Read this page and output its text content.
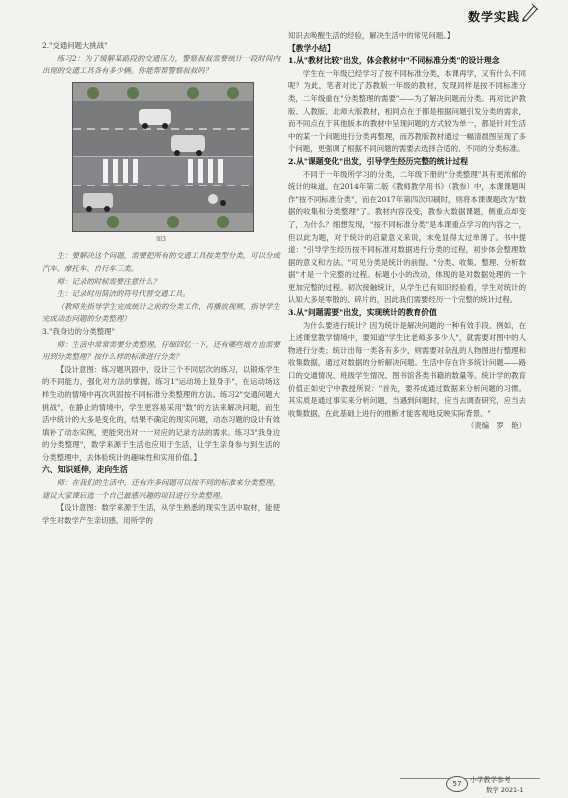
数学实践

2."交通问题大挑战"

练习2：为了缓解某路段的交通压力，警察叔叔需要统计一段时间内出现的交通工具各有多少辆。你能帮帮警察叔叔吗？

图3

生：要解决这个问题，需要把所有的交通工具按类型分类，可以分成汽车、摩托车、自行车三类。

师：记录的时候需要注意什么？

生：记录时用简洁的符号代替交通工具。

（教师先指导学生完成统计之前的分类工作，再播放视频，指导学生完成动态问题的分类整理）

3."我身边的分类整理"

师：生活中常常需要分类整理。仔细回忆一下，还有哪些地方也需要用到分类整理？按什么样的标准进行分类？

【设计意图：练习题巩固中，设计三个不同层次的练习，以锻炼学生的不同能力，强化对方法的掌握。练习1"运动场上显身手"，在运动场这样生动的情境中再次巩固按不同标准分类整理的方法。练习2"交通问题大挑战"，在静止的情境中，学生更容易采用"数"的方法来解决问题，而生活中统计的大多是变化的，结果不确定的现实问题，动态习题的设计有效填补了动态实例，更能突出对一一对应的记录方法的需求。练习3"我身边的分类整理"，数学来源于生活也应用于生活，让学生亲身参与到生活的分类整理中，去体验统计的趣味性和实用价值。】

六、知识延伸，走向生活

师：在我们的生活中，还有许多问题可以按不同的标准来分类整理。建议大家课后选一个自己最感兴趣的项目进行分类整理。

【设计意图：数学来源于生活，从学生熟悉的现实生活中取材，能使学生对数学产生亲切感，用所学的

知识去唤醒生活的经验，解决生活中的常见问题。】

【教学小结】

1.从"教材比较"出发，体会教材中"不同标准分类"的设计理念

学生在一年级已经学习了按不同标准分类，本课再学，又有什么不同呢？为此，笔者对比了苏教版一年级的教材，发现同样是按不同标准分类，二年级重在"分类整理的需要"——为了解决问题而分类。再对比沪教版、人教版、北师大版教材，相同点在于都是根据问题引发分类的需求，而不同点在于其他版本的教材中呈现问题的方式较为单一，都是针对生活中的某一个问题进行分类再整理，而苏教版教材通过一幅清晨图呈现了多个问题，更强调了根据不同问题的需要去选择合适的、不同的分类标准。

2.从"课题变化"出发，引导学生经历完整的统计过程

不同于一年级所学习的分类，二年级下册的"分类整理"具有更浓郁的统计的味道。在2014年第二版《教师教学用书》（教参）中，本课课题叫作"按不同标准分类"，而在2017年第四次印刷时，则将本课课题改为"数据的收集和分类整理"了。教材内容没变，教参大数据课题，侧重点却变了，为什么？细想发现，"按不同标准分类"是本课重点学习的内容之一，但以此为题，对于统计的启蒙意义来说，未免显得太过单薄了。书中提道："引导学生经历按不同标准对数据进行分类的过程，初步体会整理数据的意义和方法。"可见分类是统计的前提。"分类、收集、整理、分析数据"才是一个完整的过程。标题小小的改动，体现的是对数据处理的一个更加完整的过程。初次接触统计，从学生已有知识经验看，学生对统计的认知大多是零散的、碎片的，因此我们需要经历一个完整的统计过程。

3.从"问题需要"出发，实现统计的教育价值

为什么要进行统计？因为统计是解决问题的一种有效手段。例如，在上述课堂教学情境中，要知道"学生比老师多多少人"，就需要对图中的人物进行分类；统计出每一类各有多少，则需要对杂乱的人物图进行整理和收集数据，通过对数据的分析解决问题。生活中存在许多统计问题——路口的交通情况、班级学生情况、图书馆各类书籍的数量等。统计学的教育价值正如史宁中教授所说："首先，要养成通过数据来分析问题的习惯。其实质是通过事实来分析问题，当遇到问题时，应当去调查研究，应当去收集数据，在此基础上进行的推断才能客观地反映实际背景。"

（责编　罗　艳）

57	小学教学参考
数学 2021-1
